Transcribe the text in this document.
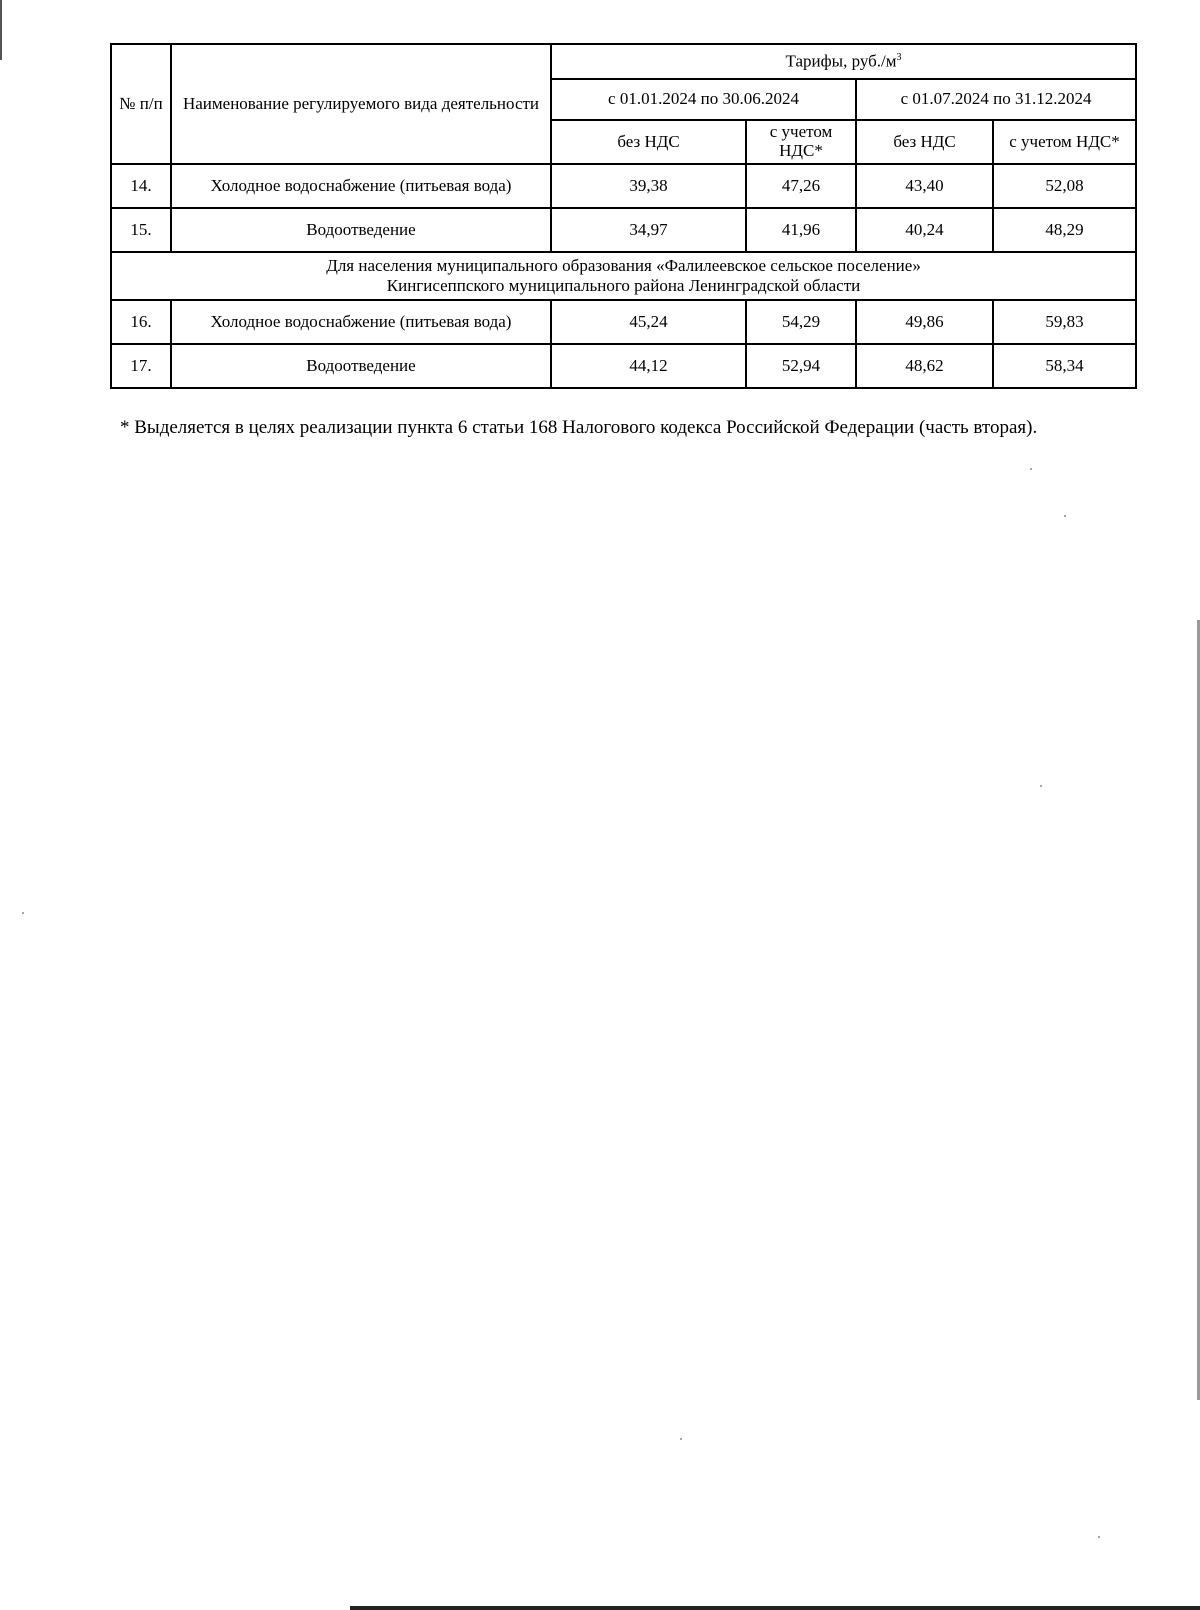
№ п/п	Наименование регулируемого вида деятельности	Тарифы, $руб./м^3$
		с 01.01.2024 по 30.06.2024		с 01.07.2024 по 31.12.2024	
		без НДС	с учетом НДС*	без НДС	с учетом НДС*
14.	Холодное водоснабжение (питьевая вода)	39,38	47,26	43,40	52,08
15.	Водоотведение	34,97	41,96	40,24	48,29

Для населения муниципального образования «Фалилеевское сельское поселение»
Кингисеппского муниципального района Ленинградской области					

16.	Холодное водоснабжение (питьевая вода)	45,24	54,29	49,86	59,83
17.	Водоотведение	44,12	52,94	48,62	58,34
* Выделяется в целях реализации пункта 6 статьи 168 Налогового кодекса Российской Федерации (часть вторая).
